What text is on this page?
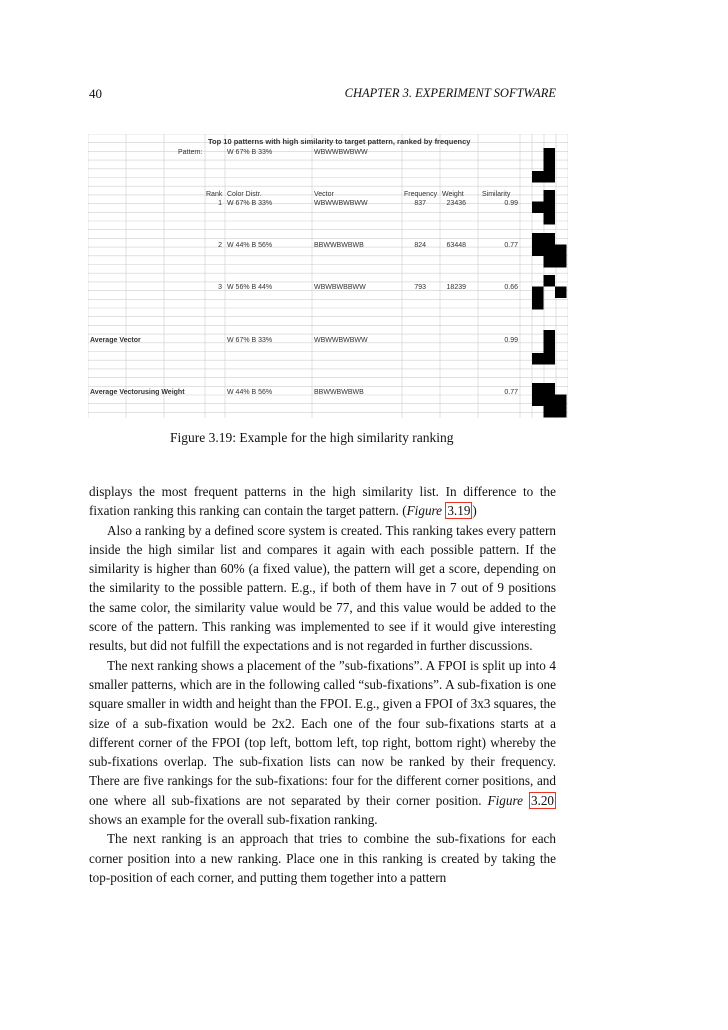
40	CHAPTER 3. EXPERIMENT SOFTWARE
Top 10 patterns with high similarity to target pattern, ranked by frequency
Pattern:	W 67% B 33%	WBWWBWBWW
Rank Color Distr.	Vector	Frequency Weight	Similarity
1 W 67% B 33%	WBWWBWBWW	837	23436	0.99
2 W 44% B 56%	BBWWBWBWB	824	63448	0.77
3 W 56% B 44%	WBWBWBBWW	793	18239	0.66
Average Vector	W 67% B 33%	WBWWBWBWW	0.99
Average Vectorusing Weight	W 44% B 56%	BBWWBWBWB	0.77
Figure 3.19: Example for the high similarity ranking

displays the most frequent patterns in the high similarity list. In difference to the fixation ranking this ranking can contain the target pattern. (Figure 3.19 )

Also a ranking by a defined score system is created. This ranking takes every pattern inside the high similar list and compares it again with each possible pattern. If the similarity is higher than 60% (a fixed value), the pattern will get a score, depending on the similarity to the possible pattern. E.g., if both of them have in 7 out of 9 positions the same color, the similarity value would be 77, and this value would be added to the score of the pattern. This ranking was implemented to see if it would give interesting results, but did not fulfill the expectations and is not regarded in further discussions.

The next ranking shows a placement of the ”sub-fixations”. A FPOI is split up into 4 smaller patterns, which are in the following called “sub-fixations”. A sub-fixation is one square smaller in width and height than the FPOI. E.g., given a FPOI of 3x3 squares, the size of a sub-fixation would be 2x2. Each one of the four sub-fixations starts at a different corner of the FPOI (top left, bottom left, top right, bottom right) whereby the sub-fixations overlap. The sub-fixation lists can now be ranked by their frequency. There are five rankings for the sub-fixations: four for the different corner positions, and one where all sub-fixations are not separated by their corner position. Figure 3.20 shows an example for the overall sub-fixation ranking.

The next ranking is an approach that tries to combine the sub-fixations for each corner position into a new ranking. Place one in this ranking is created by taking the top-position of each corner, and putting them together into a pattern
